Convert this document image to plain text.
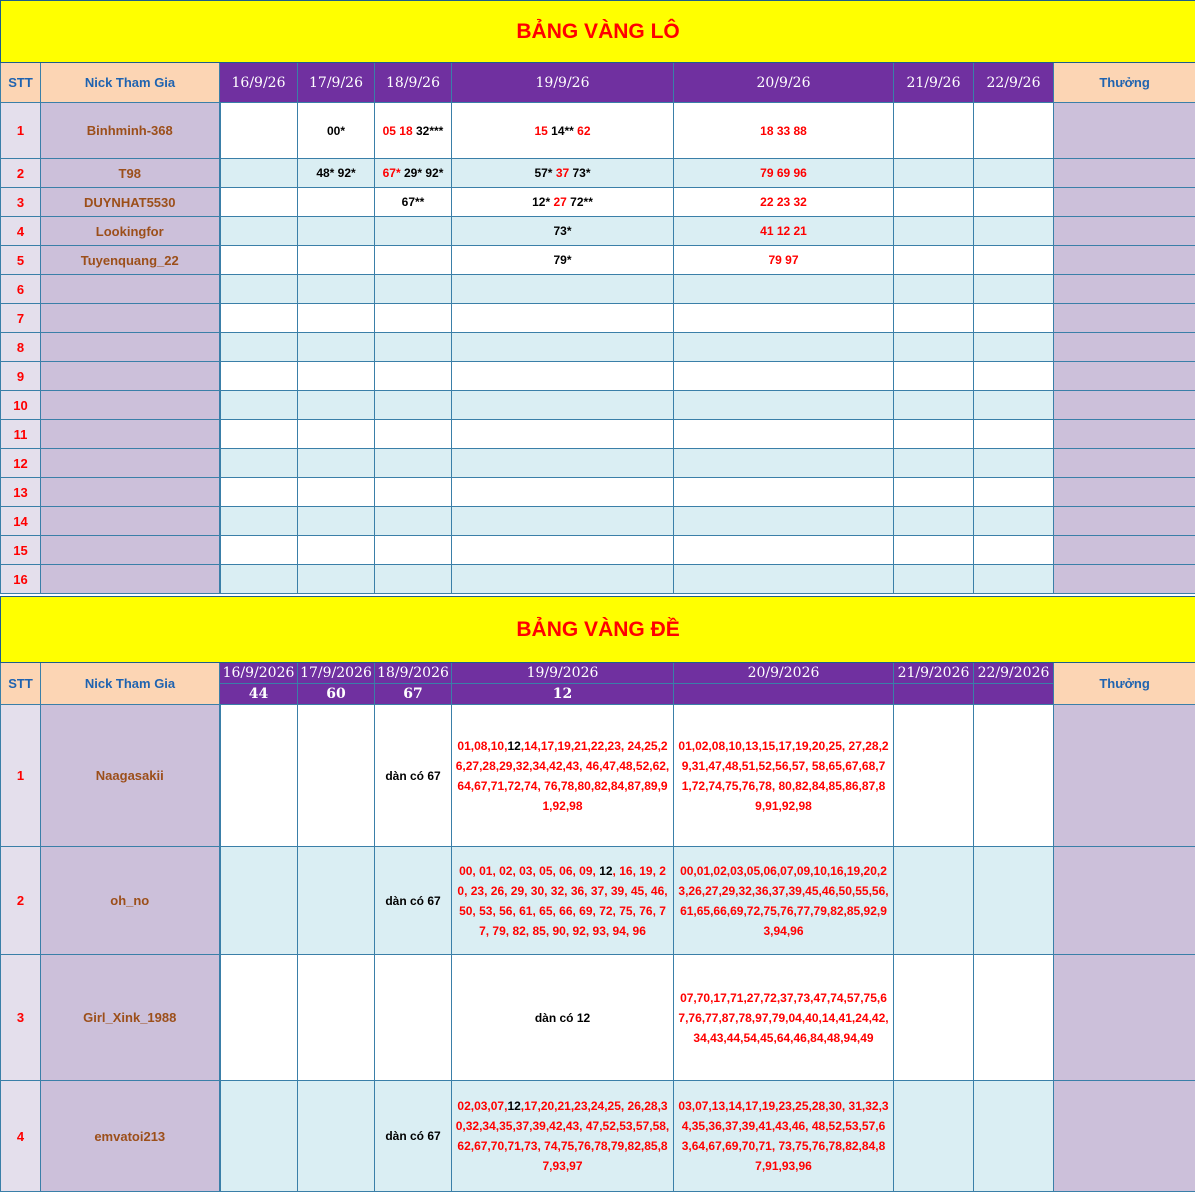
BẢNG VÀNG LÔ									
STT	Nick Tham Gia	16/9/26	17/9/26	18/9/26	19/9/26	20/9/26	21/9/26	22/9/26	Thưởng
1	Binhminh-368		00*	05 18 32***	15 14** 62	18 33 88			
2	T98		48* 92*	67* 29* 92*	57* 37 73*	79 69 96			
3	DUYNHAT5530			67**	12* 27 72**	22 23 32			
4	Lookingfor				73*	41 12 21			
5	Tuyenquang_22				79*	79 97			
6									
7									
8									
9									
10									
11									
12									
13									
14									
15									
16									
BẢNG VÀNG ĐỀ									
STT	Nick Tham Gia	16/9/2026	17/9/2026	18/9/2026	19/9/2026	20/9/2026	21/9/2026	22/9/2026	Thưởng
		44	60	67	12				
1	Naagasakii			dàn có 67	01,08,10,12,14,17,19,21,22,23, 24,25,26,27,28,29,32,34,42,43, 46,47,48,52,62,64,67,71,72,74, 76,78,80,82,84,87,89,91,92,98	01,02,08,10,13,15,17,19,20,25, 27,28,29,31,47,48,51,52,56,57, 58,65,67,68,71,72,74,75,76,78, 80,82,84,85,86,87,89,91,92,98			
2	oh_no			dàn có 67	00, 01, 02, 03, 05, 06, 09, 12, 16, 19, 20, 23, 26, 29, 30, 32, 36, 37, 39, 45, 46, 50, 53, 56, 61, 65, 66, 69, 72, 75, 76, 77, 79, 82, 85, 90, 92, 93, 94, 96	00,01,02,03,05,06,07,09,10,16,19,20,23,26,27,29,32,36,37,39,45,46,50,55,56,61,65,66,69,72,75,76,77,79,82,85,92,93,94,96			
3	Girl_Xink_1988				dàn có 12	07,70,17,71,27,72,37,73,47,74,57,75,67,76,77,87,78,97,79,04,40,14,41,24,42,34,43,44,54,45,64,46,84,48,94,49			
4	emvatoi213			dàn có 67	02,03,07,12,17,20,21,23,24,25, 26,28,30,32,34,35,37,39,42,43, 47,52,53,57,58,62,67,70,71,73, 74,75,76,78,79,82,85,87,93,97	03,07,13,14,17,19,23,25,28,30, 31,32,34,35,36,37,39,41,43,46, 48,52,53,57,63,64,67,69,70,71, 73,75,76,78,82,84,87,91,93,96			
